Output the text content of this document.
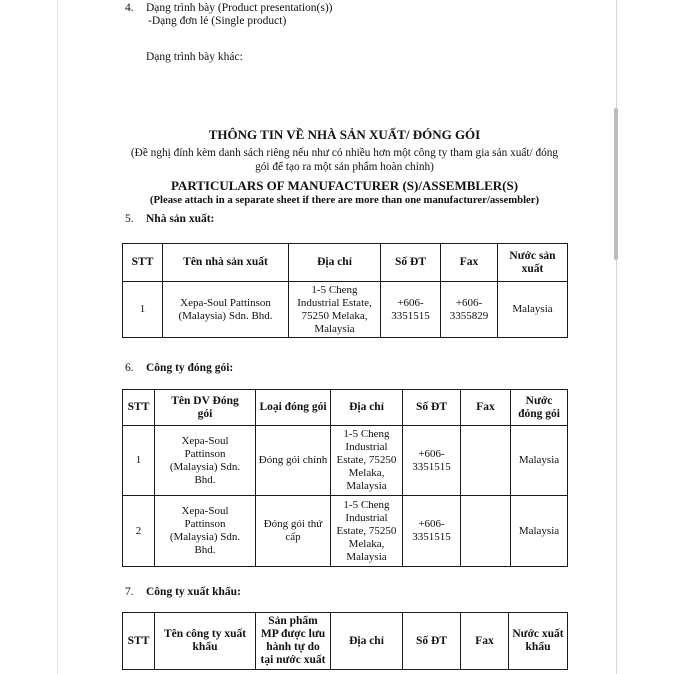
4. Dạng trình bày (Product presentation(s))
-Dạng đơn lẻ (Single product)
Dạng trình bày khác:
THÔNG TIN VỀ NHÀ SẢN XUẤT/ ĐÓNG GÓI
(Đề nghị đính kèm danh sách riêng nếu như có nhiều hơn một công ty tham gia sản xuất/ đóng
gói để tạo ra một sản phẩm hoàn chỉnh)
PARTICULARS OF MANUFACTURER (S)/ASSEMBLER(S)
(Please attach in a separate sheet if there are more than one manufacturer/assembler)
5. Nhà sản xuất:
STT	Tên nhà sản xuất	Địa chỉ	Số ĐT	Fax	Nước sản xuất
1	Xepa-Soul Pattinson (Malaysia) Sdn. Bhd.	1-5 Cheng Industrial Estate, 75250 Melaka, Malaysia	+606-3351515	+606-3355829	Malaysia
6. Công ty đóng gói:
STT	Tên DV Đóng gói	Loại đóng gói	Địa chỉ	Số ĐT	Fax	Nước đóng gói
1	Xepa-Soul Pattinson (Malaysia) Sdn. Bhd.	Đóng gói chính	1-5 Cheng Industrial Estate, 75250 Melaka, Malaysia	+606-3351515		Malaysia
2	Xepa-Soul Pattinson (Malaysia) Sdn. Bhd.	Đóng gói thứ cấp	1-5 Cheng Industrial Estate, 75250 Melaka, Malaysia	+606-3351515		Malaysia
7. Công ty xuất khẩu:
STT	Tên công ty xuất khẩu	Sản phẩm MP được lưu hành tự do tại nước xuất	Địa chỉ	Số ĐT	Fax	Nước xuất khẩu
